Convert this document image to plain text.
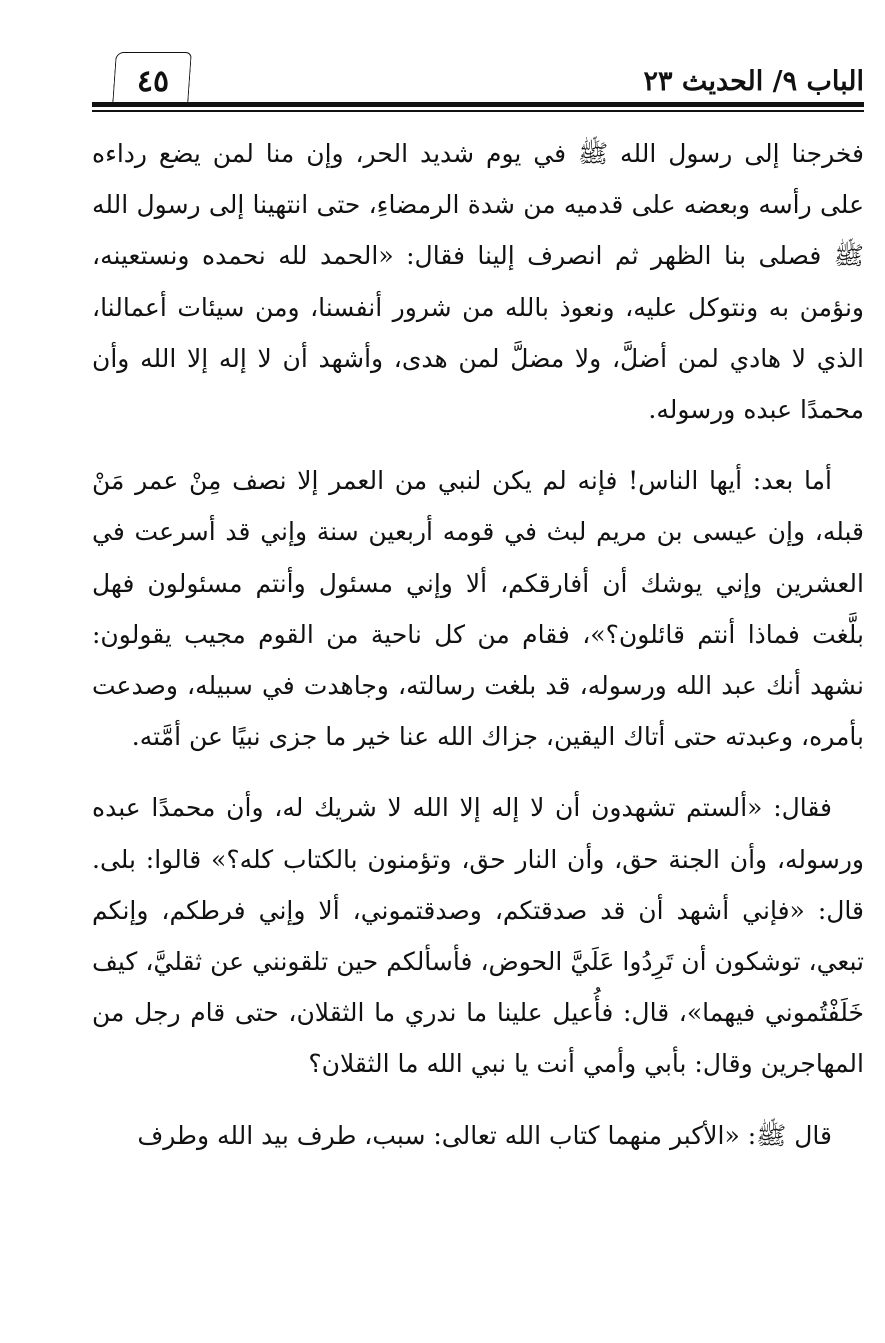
٤٥	الباب ٩/ الحديث ٢٣

فخرجنا إلى رسول الله ﷺ في يوم شديد الحر، وإن منا لمن يضع رداءه على رأسه وبعضه على قدميه من شدة الرمضاءِ، حتى انتهينا إلى رسول الله ﷺ فصلى بنا الظهر ثم انصرف إلينا فقال: «الحمد لله نحمده ونستعينه، ونؤمن به ونتوكل عليه، ونعوذ بالله من شرور أنفسنا، ومن سيئات أعمالنا، الذي لا هادي لمن أضلَّ، ولا مضلَّ لمن هدى، وأشهد أن لا إله إلا الله وأن محمدًا عبده ورسوله.

أما بعد: أيها الناس! فإنه لم يكن لنبي من العمر إلا نصف مِنْ عمر مَنْ قبله، وإن عيسى بن مريم لبث في قومه أربعين سنة وإني قد أسرعت في العشرين وإني يوشك أن أفارقكم، ألا وإني مسئول وأنتم مسئولون فهل بلَّغت فماذا أنتم قائلون؟»، فقام من كل ناحية من القوم مجيب يقولون: نشهد أنك عبد الله ورسوله، قد بلغت رسالته، وجاهدت في سبيله، وصدعت بأمره، وعبدته حتى أتاك اليقين، جزاك الله عنا خير ما جزى نبيًا عن أمَّته.

فقال: «ألستم تشهدون أن لا إله إلا الله لا شريك له، وأن محمدًا عبده ورسوله، وأن الجنة حق، وأن النار حق، وتؤمنون بالكتاب كله؟» قالوا: بلى. قال: «فإني أشهد أن قد صدقتكم، وصدقتموني، ألا وإني فرطكم، وإنكم تبعي، توشكون أن تَرِدُوا عَلَيَّ الحوض، فأسألكم حين تلقونني عن ثقليَّ، كيف خَلَفْتُموني فيهما»، قال: فأُعيل علينا ما ندري ما الثقلان، حتى قام رجل من المهاجرين وقال: بأبي وأمي أنت يا نبي الله ما الثقلان؟

قال ﷺ: «الأكبر منهما كتاب الله تعالى: سبب، طرف بيد الله وطرف
